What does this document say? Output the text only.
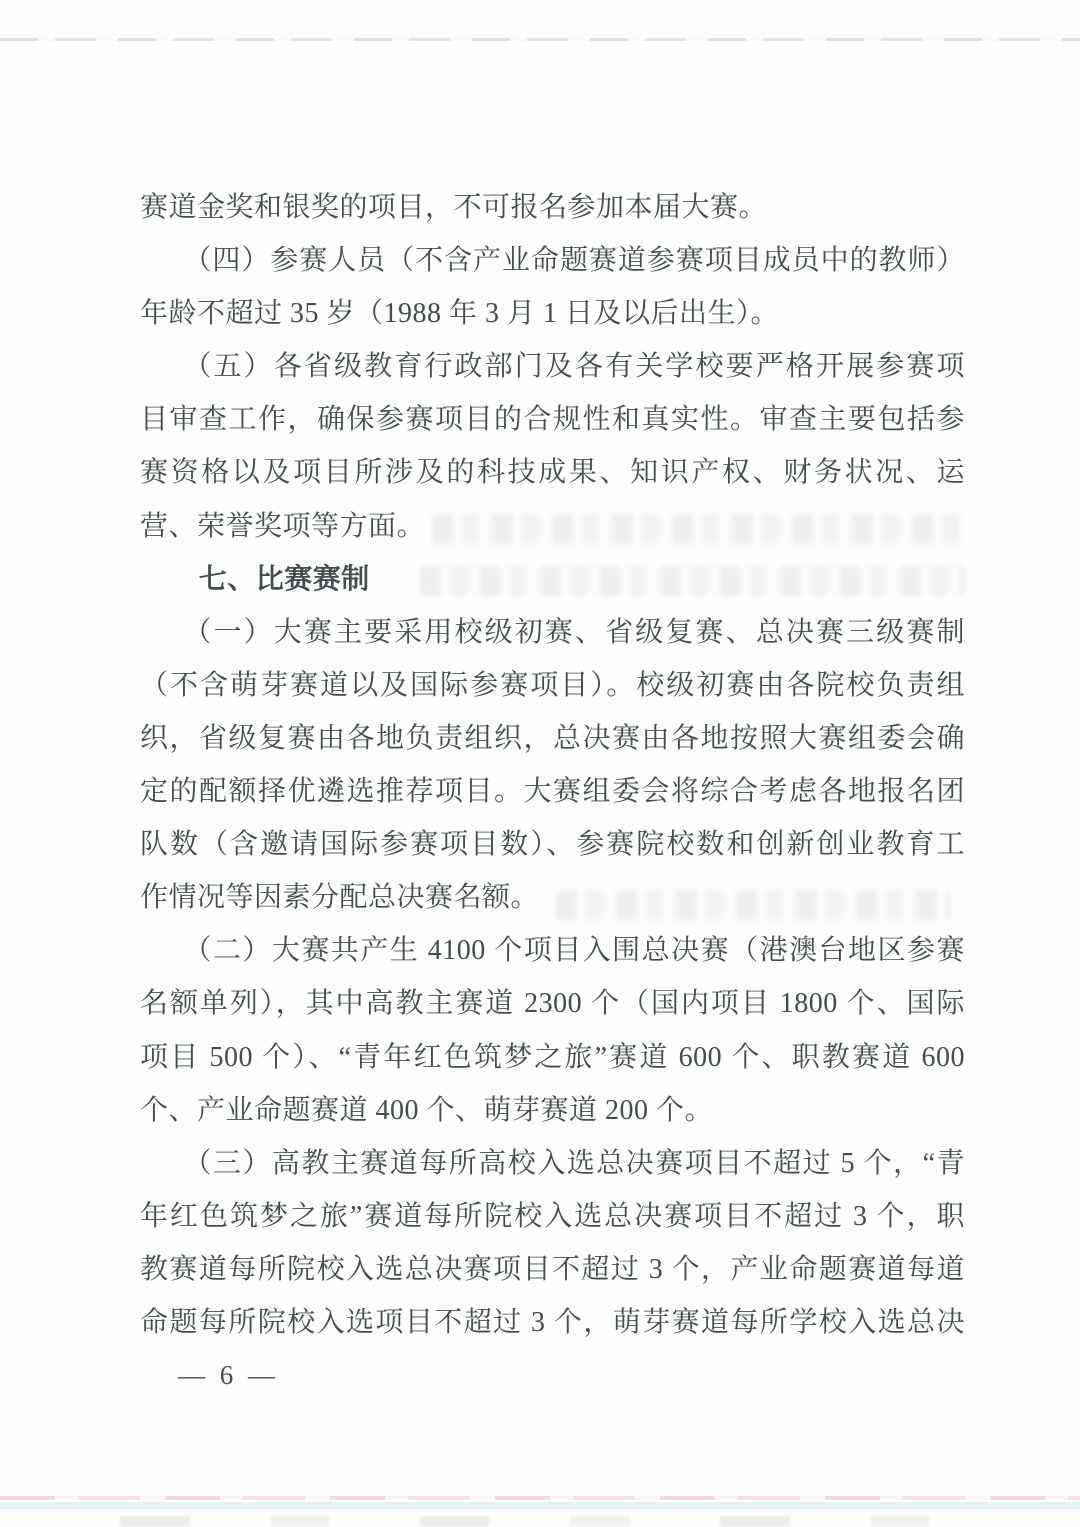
赛道金奖和银奖的项目，不可报名参加本届大赛。
（四）参赛人员（不含产业命题赛道参赛项目成员中的教师）
年龄不超过 35 岁（1988 年 3 月 1 日及以后出生）。
（五）各省级教育行政部门及各有关学校要严格开展参赛项
目审查工作，确保参赛项目的合规性和真实性。审查主要包括参
赛资格以及项目所涉及的科技成果、知识产权、财务状况、运
营、荣誉奖项等方面。
七、比赛赛制
（一）大赛主要采用校级初赛、省级复赛、总决赛三级赛制
（不含萌芽赛道以及国际参赛项目）。校级初赛由各院校负责组
织，省级复赛由各地负责组织，总决赛由各地按照大赛组委会确
定的配额择优遴选推荐项目。大赛组委会将综合考虑各地报名团
队数（含邀请国际参赛项目数）、参赛院校数和创新创业教育工
作情况等因素分配总决赛名额。
（二）大赛共产生 4100 个项目入围总决赛（港澳台地区参赛
名额单列），其中高教主赛道 2300 个（国内项目 1800 个、国际
项目 500 个）、“青年红色筑梦之旅”赛道 600 个、职教赛道 600
个、产业命题赛道 400 个、萌芽赛道 200 个。
（三）高教主赛道每所高校入选总决赛项目不超过 5 个，“青
年红色筑梦之旅”赛道每所院校入选总决赛项目不超过 3 个，职
教赛道每所院校入选总决赛项目不超过 3 个，产业命题赛道每道
命题每所院校入选项目不超过 3 个，萌芽赛道每所学校入选总决
— 6 —
